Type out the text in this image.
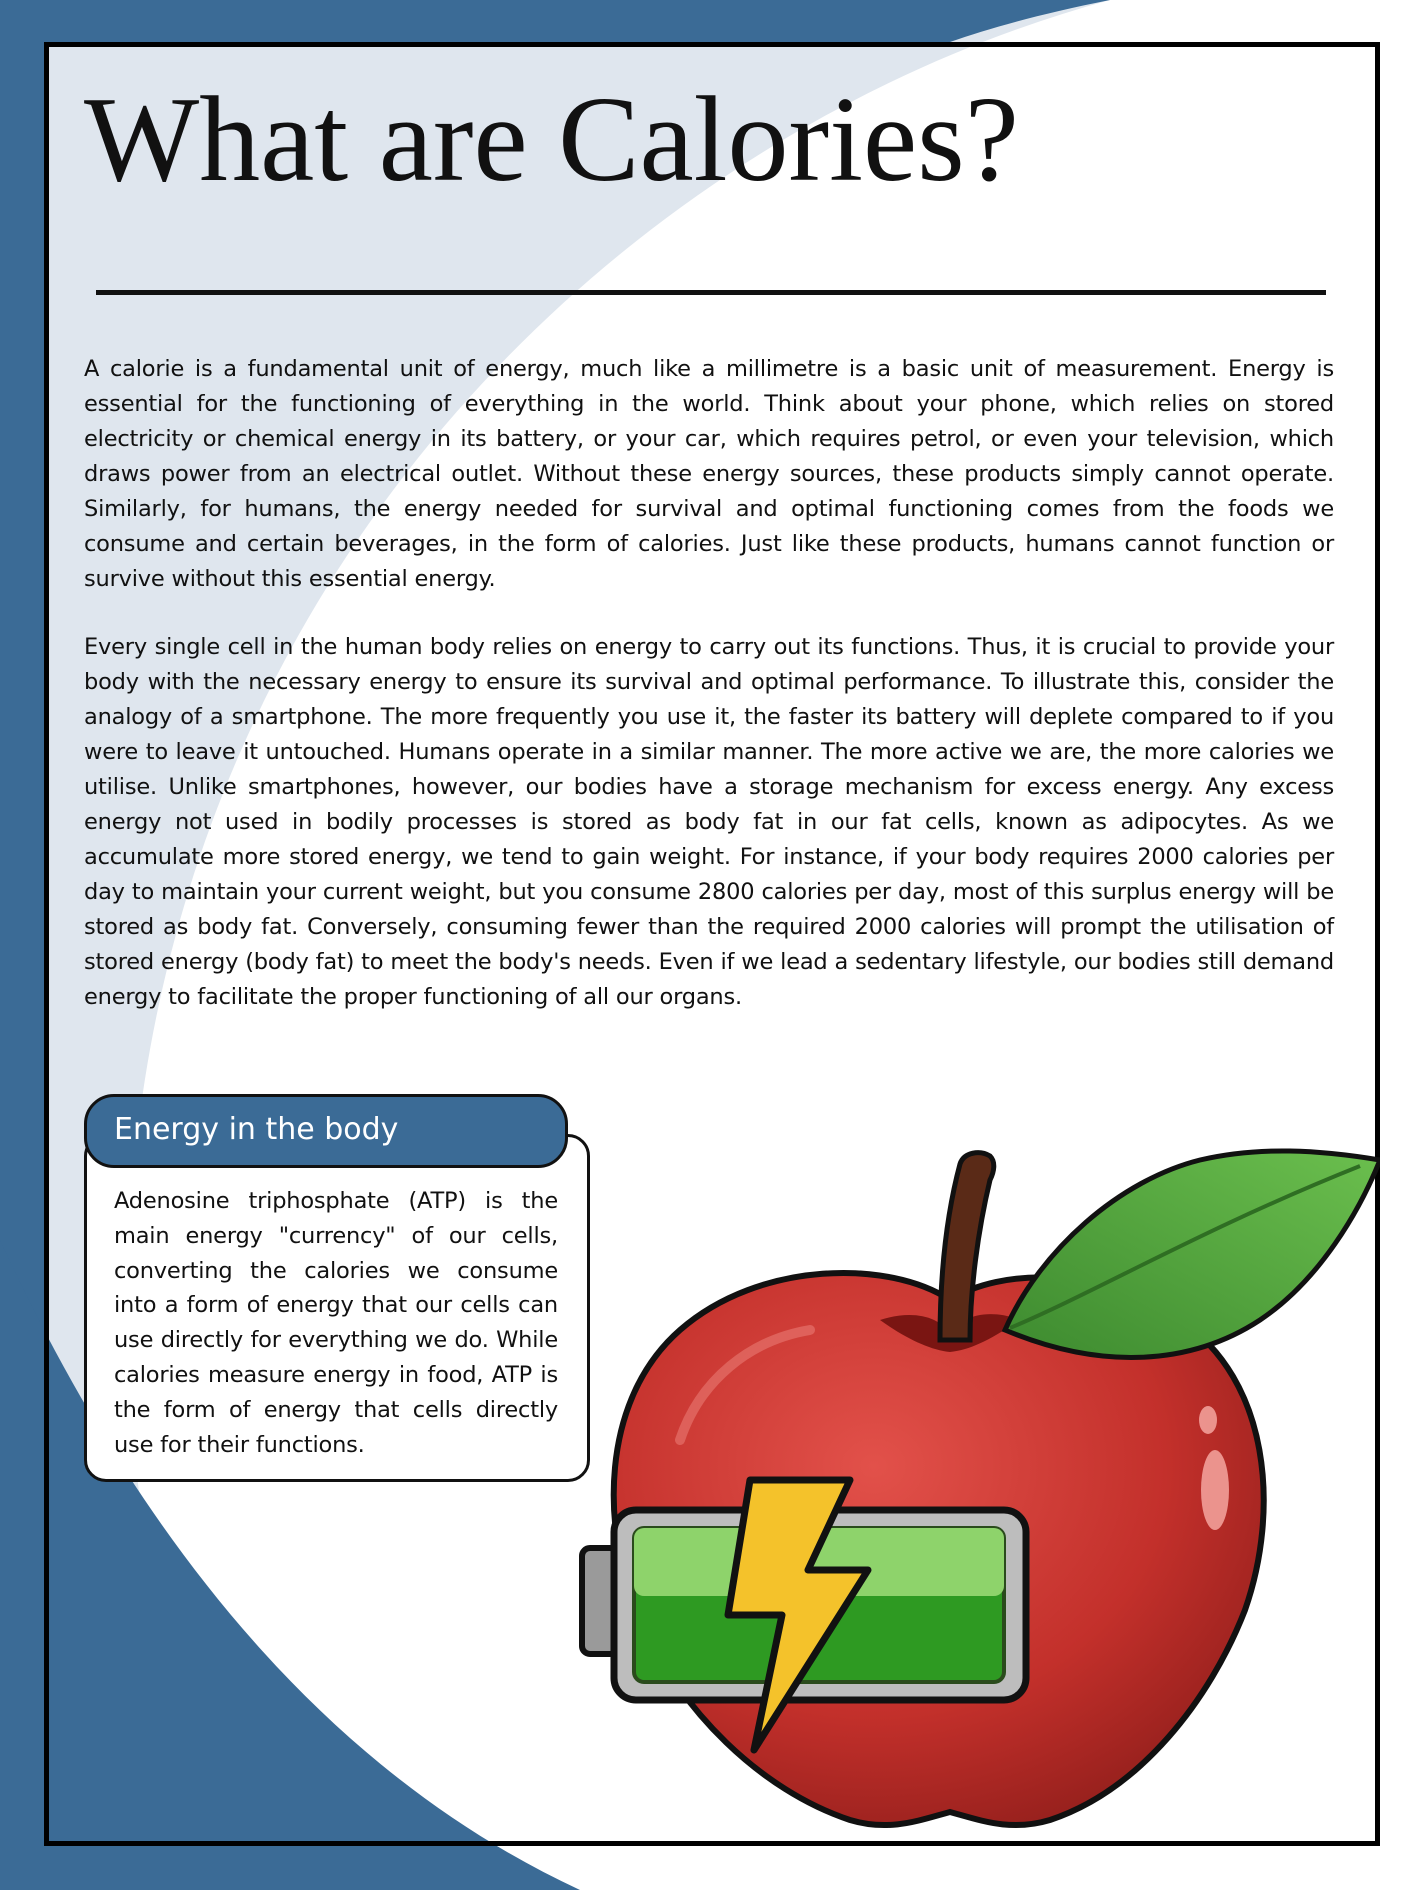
What are Calories?

A calorie is a fundamental unit of energy, much like a millimetre is a basic unit of measurement. Energy is essential for the functioning of everything in the world. Think about your phone, which relies on stored electricity or chemical energy in its battery, or your car, which requires petrol, or even your television, which draws power from an electrical outlet. Without these energy sources, these products simply cannot operate. Similarly, for humans, the energy needed for survival and optimal functioning comes from the foods we consume and certain beverages, in the form of calories. Just like these products, humans cannot function or survive without this essential energy.

Every single cell in the human body relies on energy to carry out its functions. Thus, it is crucial to provide your body with the necessary energy to ensure its survival and optimal performance. To illustrate this, consider the analogy of a smartphone. The more frequently you use it, the faster its battery will deplete compared to if you were to leave it untouched. Humans operate in a similar manner. The more active we are, the more calories we utilise. Unlike smartphones, however, our bodies have a storage mechanism for excess energy. Any excess energy not used in bodily processes is stored as body fat in our fat cells, known as adipocytes. As we accumulate more stored energy, we tend to gain weight. For instance, if your body requires 2000 calories per day to maintain your current weight, but you consume 2800 calories per day, most of this surplus energy will be stored as body fat. Conversely, consuming fewer than the required 2000 calories will prompt the utilisation of stored energy (body fat) to meet the body's needs. Even if we lead a sedentary lifestyle, our bodies still demand energy to facilitate the proper functioning of all our organs.

Energy in the body

Adenosine triphosphate (ATP) is the main energy "currency" of our cells, converting the calories we consume into a form of energy that our cells can use directly for everything we do. While calories measure energy in food, ATP is the form of energy that cells directly use for their functions.
